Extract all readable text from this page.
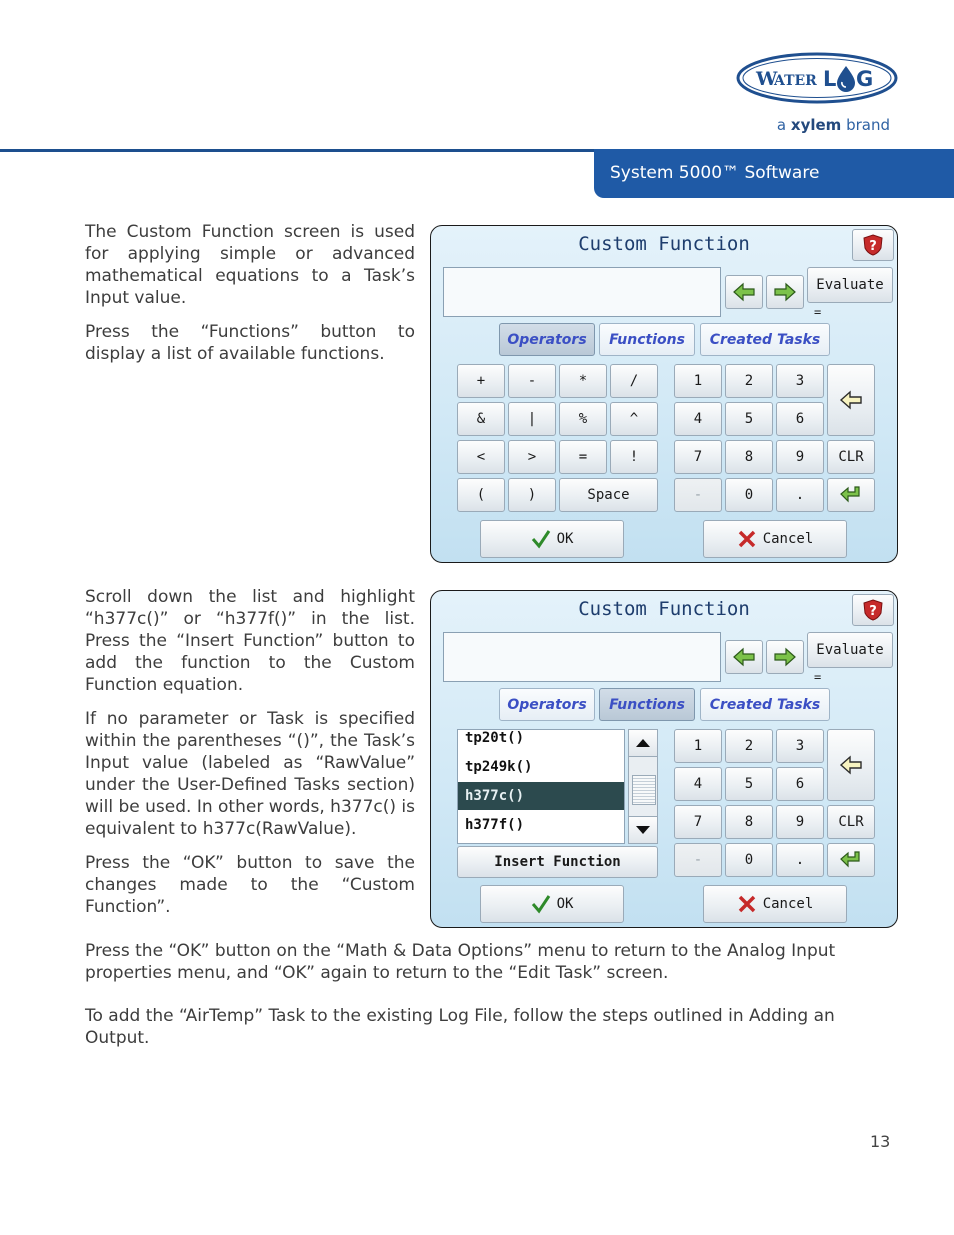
W
ATER L G
a xylem brand
System 5000™ Software

The Custom Function screen is used for applying simple or advanced mathematical equations to a Task’s Input value.

Press the “Functions” button to display a list of available functions.

Scroll down the list and highlight “h377c()” or “h377f()” in the list. Press the “Insert Function” button to add the function to the Custom Function equation.

If no parameter or Task is specified within the parentheses “()”, the Task’s Input value (labeled as “RawValue” under the User-Defined Tasks section) will be used. In other words, h377c() is equivalent to h377c(RawValue).

Press the “OK” button to save the changes made to the “Custom Function”.

Press the “OK” button on the “Math & Data Options” menu to return to the Analog Input properties menu, and “OK” again to return to the “Edit Task” screen.

To add the “AirTemp” Task to the existing Log File, follow the steps outlined in Adding an Output.

13
Custom Function	?
Evaluate
=
Operators	Functions	Created Tasks
+	-	*	/
&	|	%	^
<	>	=	!
(	)	Space
1	2	3
4	5	6
7	8	9
-	0	.
CLR
OK	Cancel
Custom Function	?
Evaluate
=
Operators	Functions	Created Tasks
tp20t()
tp249k()
h377c()
h377f()
Insert Function
1	2	3
4	5	6
7	8	9
-	0	.
CLR
OK	Cancel
